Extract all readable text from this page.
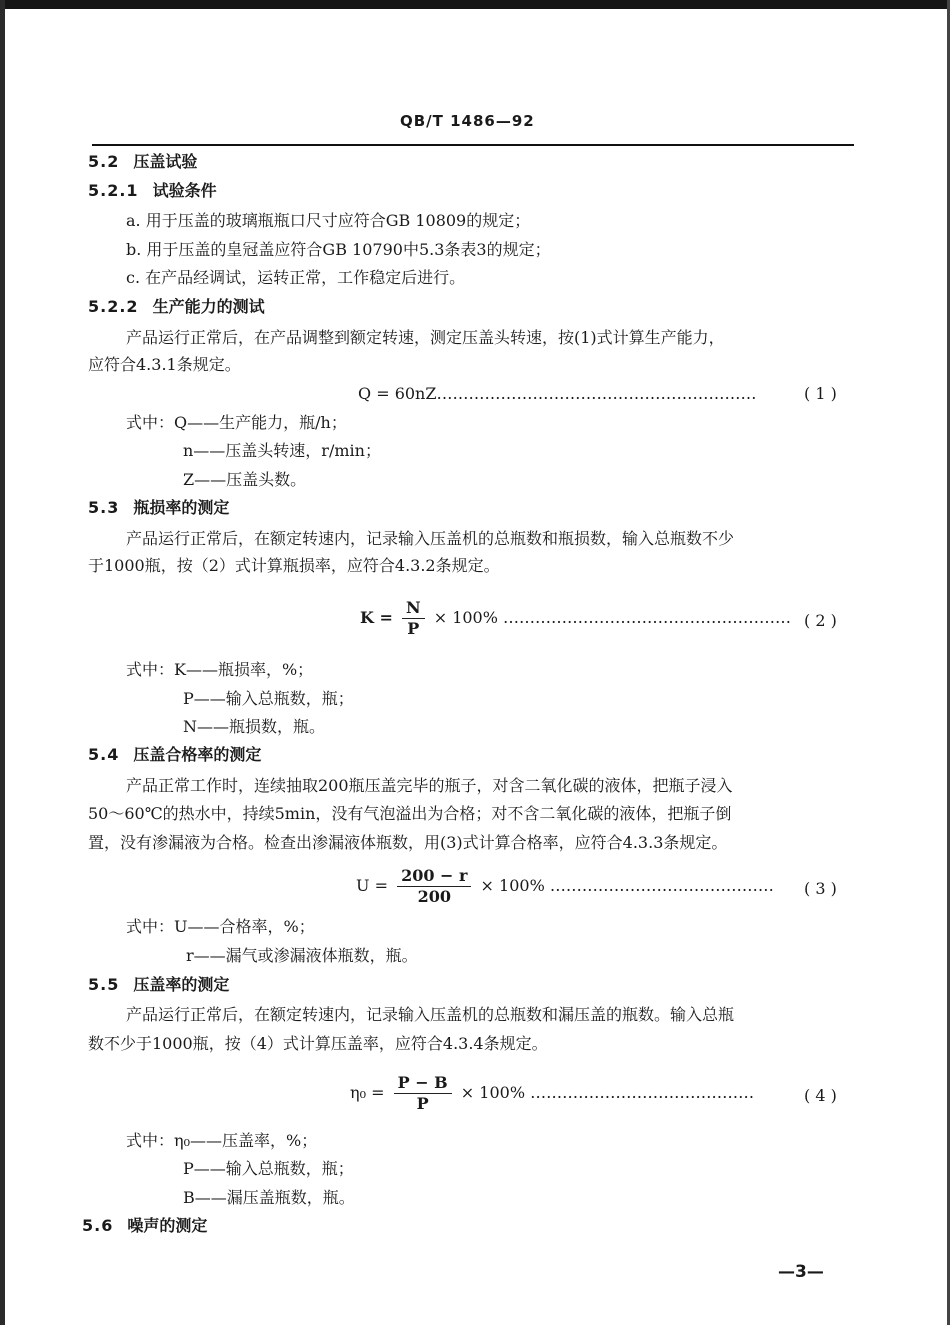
QB/T 1486—92
5.2 压盖试验
5.2.1 试验条件
a. 用于压盖的玻璃瓶瓶口尺寸应符合GB 10809的规定；
b. 用于压盖的皇冠盖应符合GB 10790中5.3条表3的规定；
c. 在产品经调试，运转正常，工作稳定后进行。
5.2.2 生产能力的测试
产品运行正常后，在产品调整到额定转速，测定压盖头转速，按(1)式计算生产能力，
应符合4.3.1条规定。
Q = 60nZ……………………………………………………	( 1 )
式中：Q——生产能力，瓶/h；
n——压盖头转速，r/min；
Z——压盖头数。
5.3 瓶损率的测定
产品运行正常后，在额定转速内，记录输入压盖机的总瓶数和瓶损数，输入总瓶数不少
于1000瓶，按（2）式计算瓶损率，应符合4.3.2条规定。
$K = \frac{N}{P} \times 100\%$ ……………………………………………… ( 2 )
式中：K——瓶损率，%；
P——输入总瓶数，瓶；
N——瓶损数，瓶。
5.4 压盖合格率的测定
产品正常工作时，连续抽取200瓶压盖完毕的瓶子，对含二氧化碳的液体，把瓶子浸入
50～60℃的热水中，持续5min，没有气泡溢出为合格；对不含二氧化碳的液体，把瓶子倒
置，没有渗漏液为合格。检查出渗漏液体瓶数，用(3)式计算合格率，应符合4.3.3条规定。
$U = \frac{200 - r}{200} \times 100\%$ …………………………………… ( 3 )
式中：U——合格率，%；
r——漏气或渗漏液体瓶数，瓶。
5.5 压盖率的测定
产品运行正常后，在额定转速内，记录输入压盖机的总瓶数和漏压盖的瓶数。输入总瓶
数不少于1000瓶，按（4）式计算压盖率，应符合4.3.4条规定。
$\eta_0 = \frac{P - B}{P} \times 100\%$ ……………………………………	( 4 )
式中：η₀——压盖率，%；
P——输入总瓶数，瓶；
B——漏压盖瓶数，瓶。
5.6 噪声的测定
—3—
